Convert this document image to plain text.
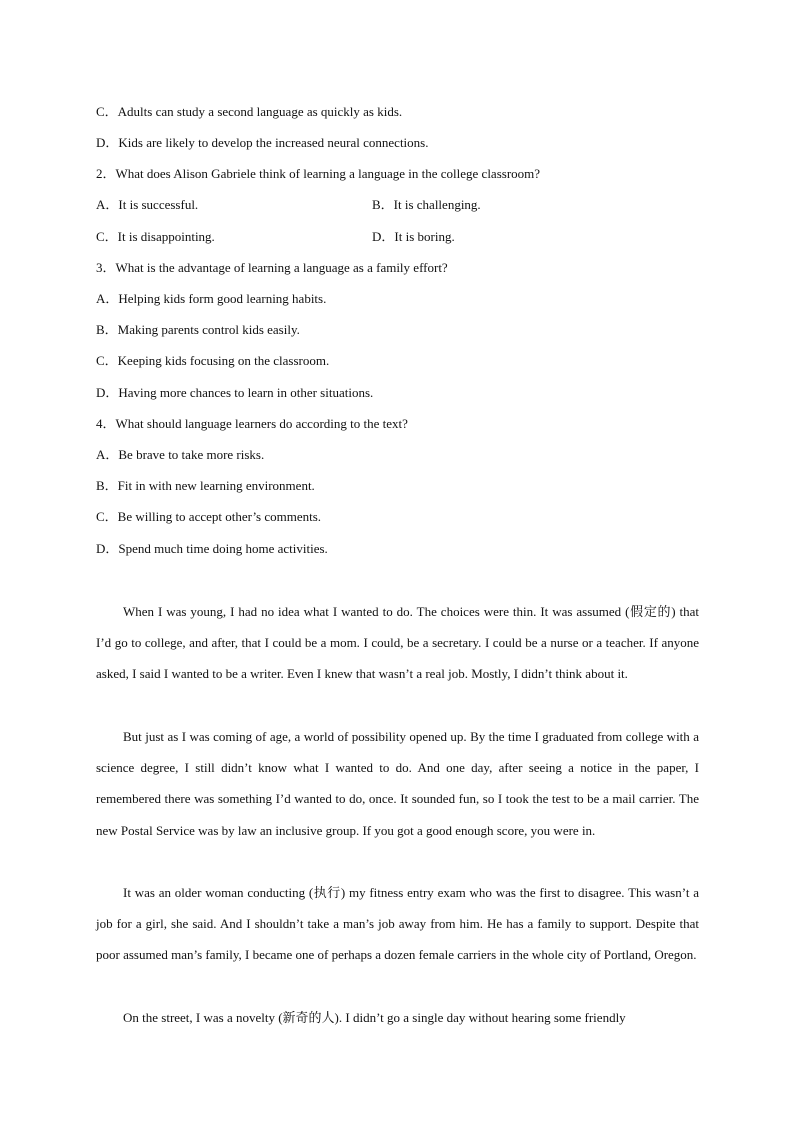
C．Adults can study a second language as quickly as kids.
D．Kids are likely to develop the increased neural connections.
2．What does Alison Gabriele think of learning a language in the college classroom?
A．It is successful.	B．It is challenging.
C．It is disappointing.	D．It is boring.
3．What is the advantage of learning a language as a family effort?
A．Helping kids form good learning habits.
B．Making parents control kids easily.
C．Keeping kids focusing on the classroom.
D．Having more chances to learn in other situations.
4．What should language learners do according to the text?
A．Be brave to take more risks.
B．Fit in with new learning environment.
C．Be willing to accept other’s comments.
D．Spend much time doing home activities.
When I was young, I had no idea what I wanted to do. The choices were thin. It was assumed (假定的) that I’d go to college, and after, that I could be a mom. I could, be a secretary. I could be a nurse or a teacher. If anyone asked, I said I wanted to be a writer. Even I knew that wasn’t a real job. Mostly, I didn’t think about it.
But just as I was coming of age, a world of possibility opened up. By the time I graduated from college with a science degree, I still didn’t know what I wanted to do. And one day, after seeing a notice in the paper, I remembered there was something I’d wanted to do, once. It sounded fun, so I took the test to be a mail carrier. The new Postal Service was by law an inclusive group. If you got a good enough score, you were in.
It was an older woman conducting (执行) my fitness entry exam who was the first to disagree. This wasn’t a job for a girl, she said. And I shouldn’t take a man’s job away from him. He has a family to support. Despite that poor assumed man’s family, I became one of perhaps a dozen female carriers in the whole city of Portland, Oregon.
On the street, I was a novelty (新奇的人). I didn’t go a single day without hearing some friendly
